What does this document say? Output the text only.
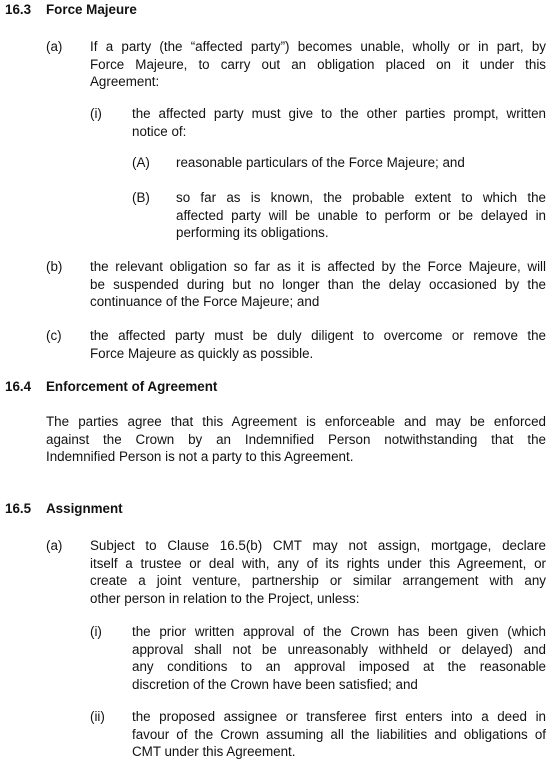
16.3 Force Majeure
(a) If a party (the “affected party”) becomes unable, wholly or in part, by
Force Majeure, to carry out an obligation placed on it under this
Agreement:
(i) the affected party must give to the other parties prompt, written
notice of:
(A) reasonable particulars of the Force Majeure; and
(B) so far as is known, the probable extent to which the
affected party will be unable to perform or be delayed in
performing its obligations.
(b) the relevant obligation so far as it is affected by the Force Majeure, will
be suspended during but no longer than the delay occasioned by the
continuance of the Force Majeure; and
(c) the affected party must be duly diligent to overcome or remove the
Force Majeure as quickly as possible.
16.4 Enforcement of Agreement
The parties agree that this Agreement is enforceable and may be enforced
against the Crown by an Indemnified Person notwithstanding that the
Indemnified Person is not a party to this Agreement.
16.5 Assignment
(a) Subject to Clause 16.5(b) CMT may not assign, mortgage, declare
itself a trustee or deal with, any of its rights under this Agreement, or
create a joint venture, partnership or similar arrangement with any
other person in relation to the Project, unless:
(i) the prior written approval of the Crown has been given (which
approval shall not be unreasonably withheld or delayed) and
any conditions to an approval imposed at the reasonable
discretion of the Crown have been satisfied; and
(ii) the proposed assignee or transferee first enters into a deed in
favour of the Crown assuming all the liabilities and obligations of
CMT under this Agreement.
